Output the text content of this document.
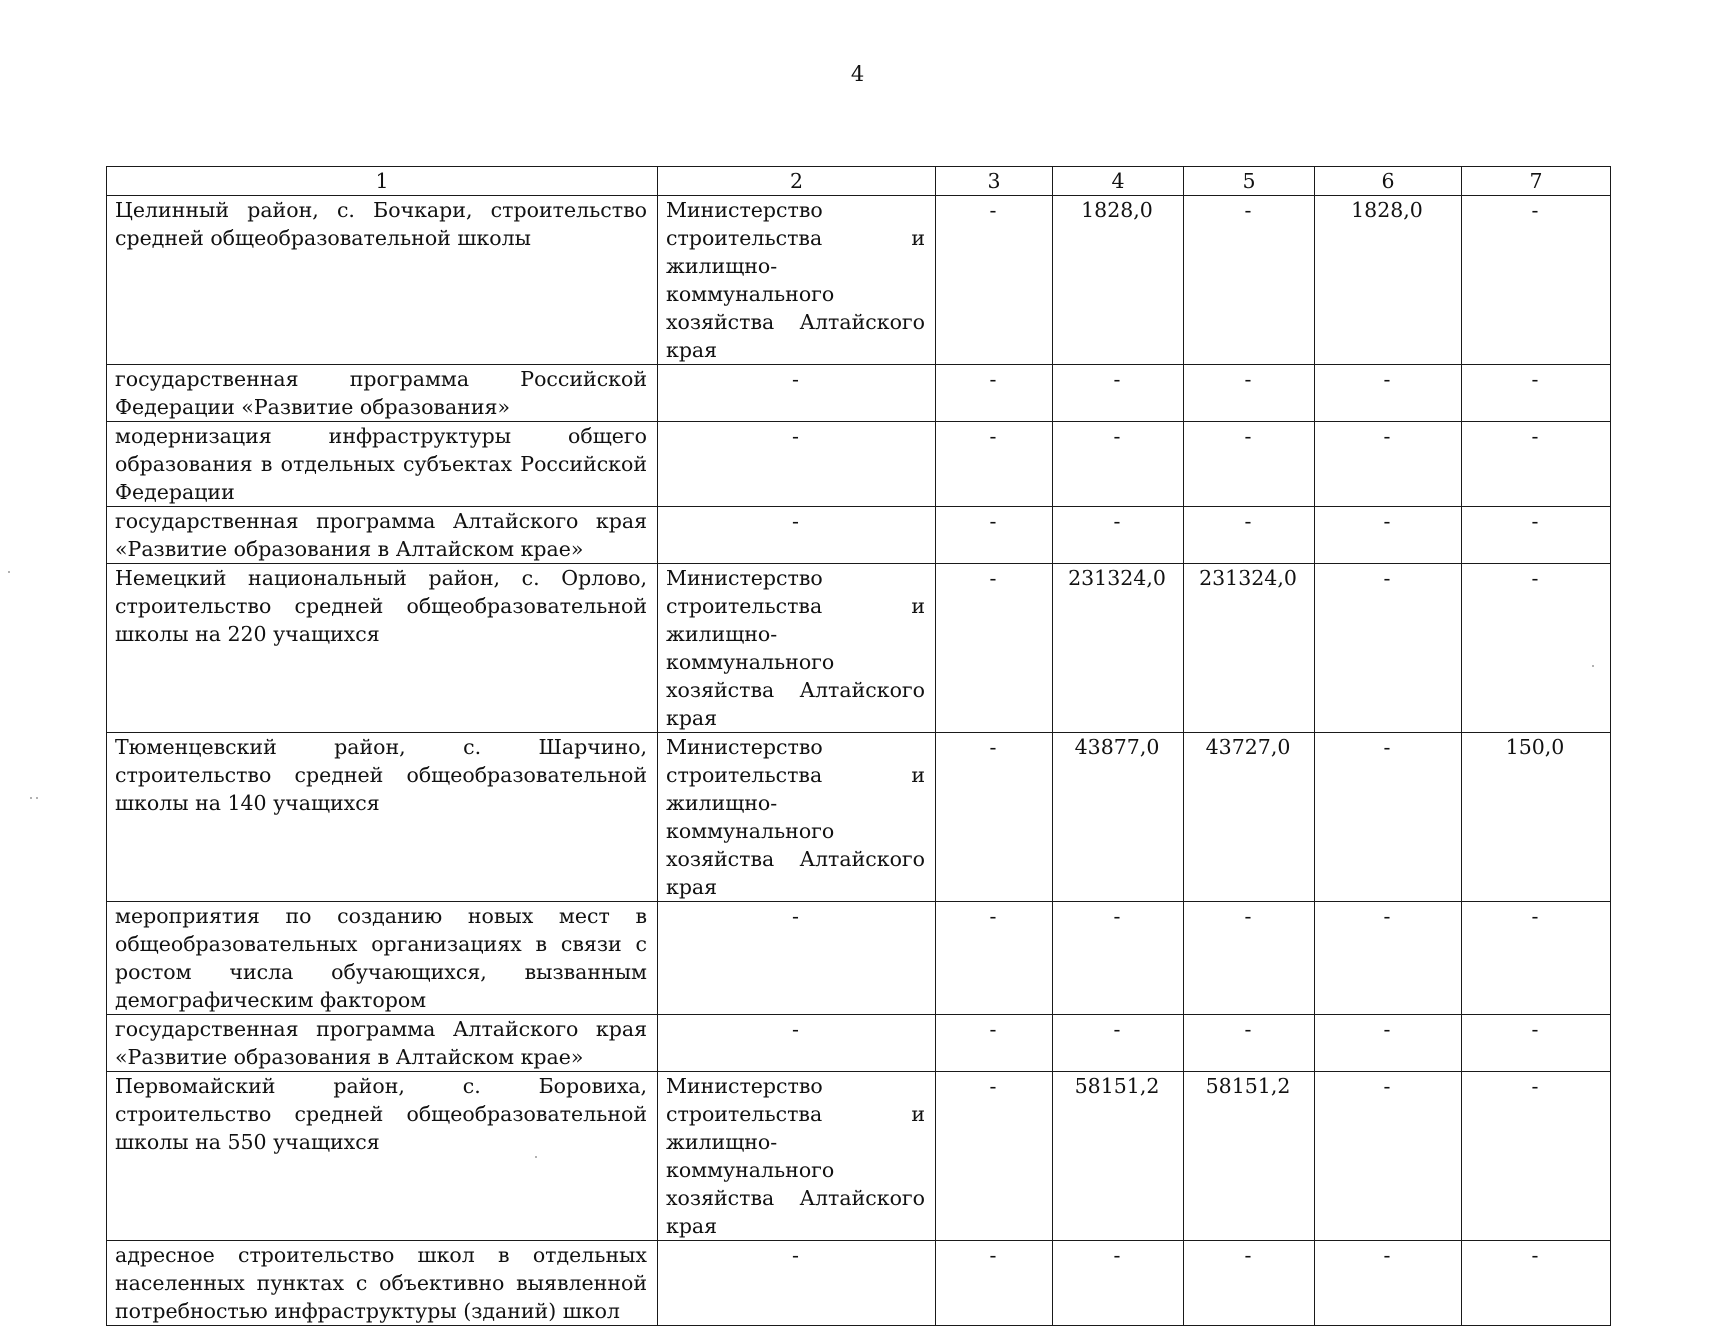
4
1	2	3	4	5	6	7
Целинный район, с. Бочкари, строительство средней общеобразовательной школы	Министерство строительства и жилищно-коммунального хозяйства Алтайского края	-	1828,0	-	1828,0	-
государственная программа Российской Федерации «Развитие образования»	-	-	-	-	-	-
модернизация инфраструктуры общего образования в отдельных субъектах Российской Федерации	-	-	-	-	-	-
государственная программа Алтайского края «Развитие образования в Алтайском крае»	-	-	-	-	-	-
Немецкий национальный район, с. Орлово, строительство средней общеобразовательной школы на 220 учащихся	Министерство строительства и жилищно-коммунального хозяйства Алтайского края	-	231324,0	231324,0	-	-
Тюменцевский район, с. Шарчино, строительство средней общеобразовательной школы на 140 учащихся	Министерство строительства и жилищно-коммунального хозяйства Алтайского края	-	43877,0	43727,0	-	150,0
мероприятия по созданию новых мест в общеобразовательных организациях в связи с ростом числа обучающихся, вызванным демографическим фактором	-	-	-	-	-	-
государственная программа Алтайского края «Развитие образования в Алтайском крае»	-	-	-	-	-	-
Первомайский район, с. Боровиха, строительство средней общеобразовательной школы на 550 учащихся	Министерство строительства и жилищно-коммунального хозяйства Алтайского края	-	58151,2	58151,2	-	-
адресное строительство школ в отдельных населенных пунктах с объективно выявленной потребностью инфраструктуры (зданий) школ	-	-	-	-	-	-
